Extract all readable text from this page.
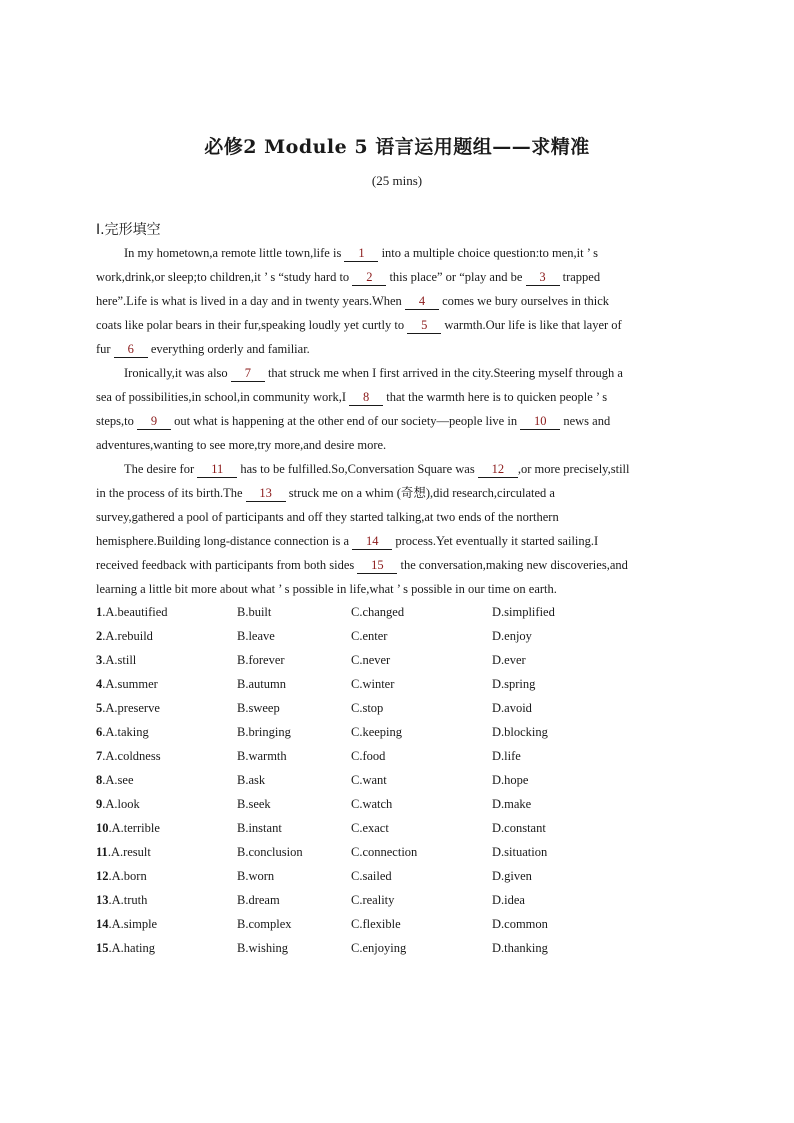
必修2 Module 5 语言运用题组——求精准
(25 mins)
Ⅰ.完形填空
In my hometown,a remote little town,life is 1 into a multiple choice question:to men,it ’ s
work,drink,or sleep;to children,it ’ s “study hard to 2 this place” or “play and be 3 trapped
here”.Life is what is lived in a day and in twenty years.When 4 comes we bury ourselves in thick
coats like polar bears in their fur,speaking loudly yet curtly to 5 warmth.Our life is like that layer of
fur 6 everything orderly and familiar.
Ironically,it was also 7 that struck me when I first arrived in the city.Steering myself through a
sea of possibilities,in school,in community work,I 8 that the warmth here is to quicken people ’ s
steps,to 9 out what is happening at the other end of our society—people live in 10 news and
adventures,wanting to see more,try more,and desire more.
The desire for 11 has to be fulfilled.So,Conversation Square was 12 ,or more precisely,still
in the process of its birth.The 13 struck me on a whim (奇想),did research,circulated a
survey,gathered a pool of participants and off they started talking,at two ends of the northern
hemisphere.Building long-distance connection is a 14 process.Yet eventually it started sailing.I
received feedback with participants from both sides 15 the conversation,making new discoveries,and
learning a little bit more about what ’ s possible in life,what ’ s possible in our time on earth.
1.A.beautified	B.built	C.changed	D.simplified
2.A.rebuild	B.leave	C.enter	D.enjoy
3.A.still	B.forever	C.never	D.ever
4.A.summer	B.autumn	C.winter	D.spring
5.A.preserve	B.sweep	C.stop	D.avoid
6.A.taking	B.bringing	C.keeping	D.blocking
7.A.coldness	B.warmth	C.food	D.life
8.A.see	B.ask	C.want	D.hope
9.A.look	B.seek	C.watch	D.make
10.A.terrible	B.instant	C.exact	D.constant
11.A.result	B.conclusion	C.connection	D.situation
12.A.born	B.worn	C.sailed	D.given
13.A.truth	B.dream	C.reality	D.idea
14.A.simple	B.complex	C.flexible	D.common
15.A.hating	B.wishing	C.enjoying	D.thanking
